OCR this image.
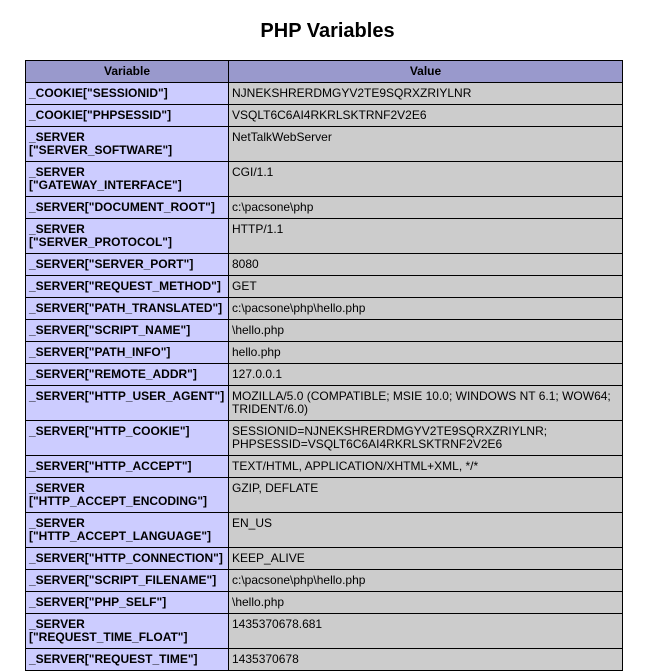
PHP Variables
Variable	Value
_COOKIE["SESSIONID"]	NJNEKSHRERDMGYV2TE9SQRXZRIYLNR
_COOKIE["PHPSESSID"]	VSQLT6C6AI4RKRLSKTRNF2V2E6
_SERVER
["SERVER_SOFTWARE"]	NetTalkWebServer
_SERVER
["GATEWAY_INTERFACE"]	CGI/1.1
_SERVER["DOCUMENT_ROOT"]	c:\pacsone\php
_SERVER
["SERVER_PROTOCOL"]	HTTP/1.1
_SERVER["SERVER_PORT"]	8080
_SERVER["REQUEST_METHOD"]	GET
_SERVER["PATH_TRANSLATED"]	c:\pacsone\php\hello.php
_SERVER["SCRIPT_NAME"]	\hello.php
_SERVER["PATH_INFO"]	hello.php
_SERVER["REMOTE_ADDR"]	127.0.0.1
_SERVER["HTTP_USER_AGENT"]	MOZILLA/5.0 (COMPATIBLE; MSIE 10.0; WINDOWS NT 6.1; WOW64;
TRIDENT/6.0)
_SERVER["HTTP_COOKIE"]	SESSIONID=NJNEKSHRERDMGYV2TE9SQRXZRIYLNR;
PHPSESSID=VSQLT6C6AI4RKRLSKTRNF2V2E6
_SERVER["HTTP_ACCEPT"]	TEXT/HTML, APPLICATION/XHTML+XML, */*
_SERVER
["HTTP_ACCEPT_ENCODING"]	GZIP, DEFLATE
_SERVER
["HTTP_ACCEPT_LANGUAGE"]	EN_US
_SERVER["HTTP_CONNECTION"]	KEEP_ALIVE
_SERVER["SCRIPT_FILENAME"]	c:\pacsone\php\hello.php
_SERVER["PHP_SELF"]	\hello.php
_SERVER
["REQUEST_TIME_FLOAT"]	1435370678.681
_SERVER["REQUEST_TIME"]	1435370678
